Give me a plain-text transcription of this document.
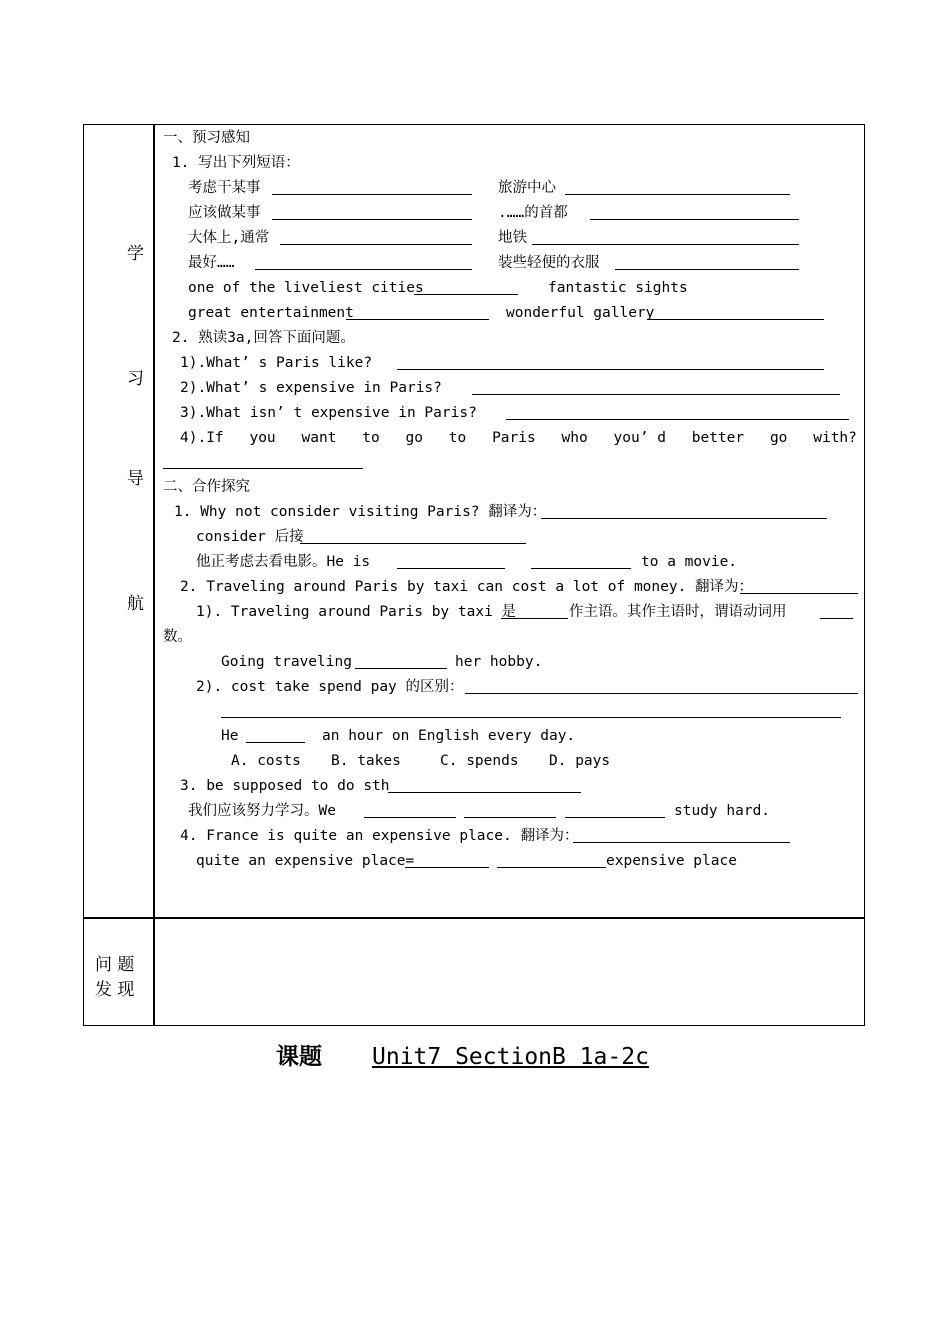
学
习
导
航
问 题
发 现
一、预习感知
1. 写出下列短语：
考虑干某事	旅游中心
应该做某事	.……的首都
大体上,通常	地铁
最好……	装些轻便的衣服
one of the liveliest cities	fantastic sights
great entertainment	wonderful gallery
2. 熟读3a,回答下面问题。
1).What’ s Paris like?
2).What’ s expensive in Paris?
3).What isn’ t expensive in Paris?
4).If you want to go to Paris who you’ d better go with?
二、合作探究
1. Why not consider visiting Paris? 翻译为：
consider 后接
他正考虑去看电影。He is	to a movie.
2. Traveling around Paris by taxi can cost a lot of money. 翻译为：
1). Traveling around Paris by taxi 是	作主语。其作主语时，谓语动词用
数。
Going traveling	her hobby.
2). cost take spend pay 的区别：
He	an hour on English every day.
A. costs B. takes	C. spends D. pays
3. be supposed to do sth
我们应该努力学习。We	study hard.
4. France is quite an expensive place. 翻译为：
quite an expensive place=	expensive place
课题 Unit7 SectionB 1a-2c
